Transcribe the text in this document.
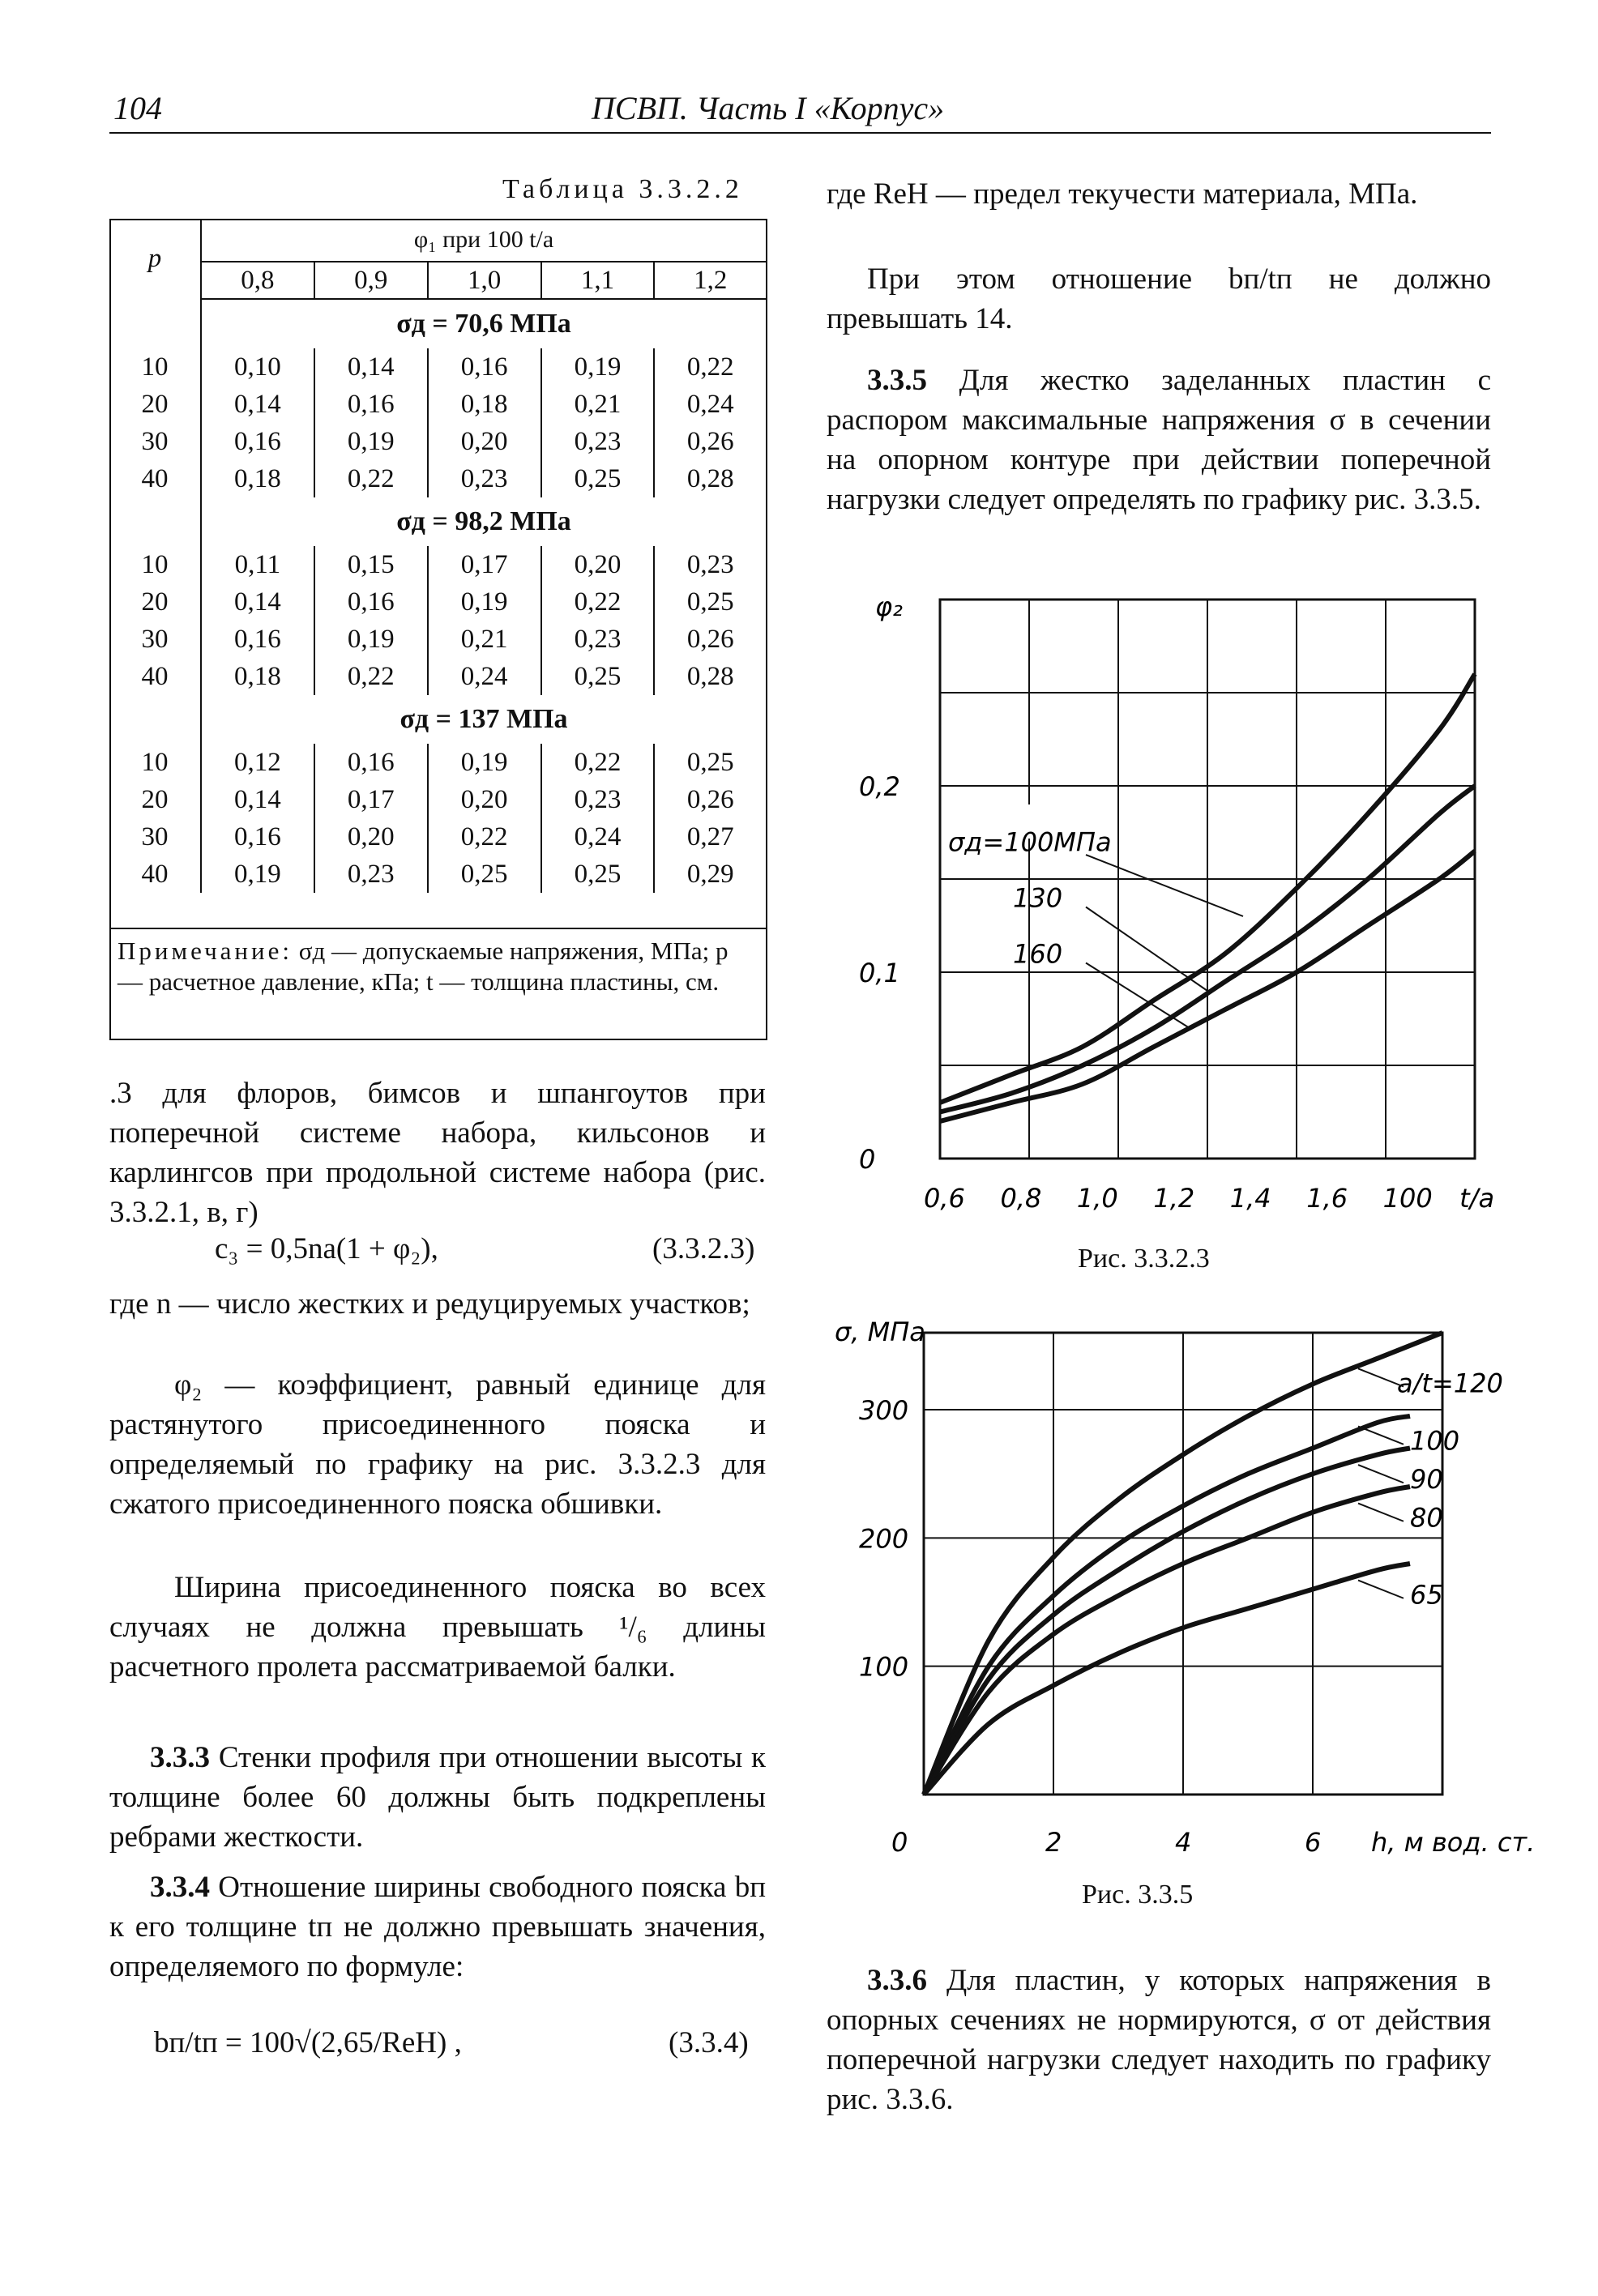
104	ПСВП. Часть I «Корпус»
Таблица 3.3.2.2
p	φ₁ при 100 t/a				
	0,8	0,9	1,0	1,1	1,2
	σд = 70,6 МПа				
10	0,10	0,14	0,16	0,19	0,22
20	0,14	0,16	0,18	0,21	0,24
30	0,16	0,19	0,20	0,23	0,26
40	0,18	0,22	0,23	0,25	0,28
	σд = 98,2 МПа				
10	0,11	0,15	0,17	0,20	0,23
20	0,14	0,16	0,19	0,22	0,25
30	0,16	0,19	0,21	0,23	0,26
40	0,18	0,22	0,24	0,25	0,28
	σд = 137 МПа				
10	0,12	0,16	0,19	0,22	0,25
20	0,14	0,17	0,20	0,23	0,26
30	0,16	0,20	0,22	0,24	0,27
40	0,19	0,23	0,25	0,25	0,29
Примечание: σд — допускаемые напряжения, МПа; p — расчетное давление, кПа; t — толщина пластины, см.
.3 для флоров, бимсов и шпангоутов при поперечной системе набора, кильсонов и карлингсов при продольной системе набора (рис. 3.3.2.1, в, г)
c₃ = 0,5na(1 + φ₂),	(3.3.2.3)
где n — число жестких и редуцируемых участков;
φ₂ — коэффициент, равный единице для растянутого присоединенного пояска и определяемый по графику на рис. 3.3.2.3 для сжатого присоединенного пояска обшивки.
Ширина присоединенного пояска во всех случаях не должна превышать ¹/₆ длины расчетного пролета рассматриваемой балки.
3.3.3 Стенки профиля при отношении высоты к толщине более 60 должны быть подкреплены ребрами жесткости.
3.3.4 Отношение ширины свободного пояска bп к его толщине tп не должно превышать значения, определяемого по формуле:
bп/tп = 100√(2,65/ReH) ,	(3.3.4)
где ReH — предел текучести материала, МПа.
При этом отношение bп/tп не должно превышать 14.
3.3.5 Для жестко заделанных пластин с распором максимальные напряжения σ в сечении на опорном контуре при действии поперечной нагрузки следует определять по графику рис. 3.3.5.
φ₂
0
0,1
0,2
0,6 0,8 1,0 1,2 1,4 1,6 100 t/a
σд=100МПа
130
160
Рис. 3.3.2.3
σ, МПа
100
200
300
0	2	4	6 h, м вод. ст.
a/t=120
100
90
80
65
Рис. 3.3.5
3.3.6 Для пластин, у которых напряжения в опорных сечениях не нормируются, σ от действия поперечной нагрузки следует находить по графику рис. 3.3.6.
